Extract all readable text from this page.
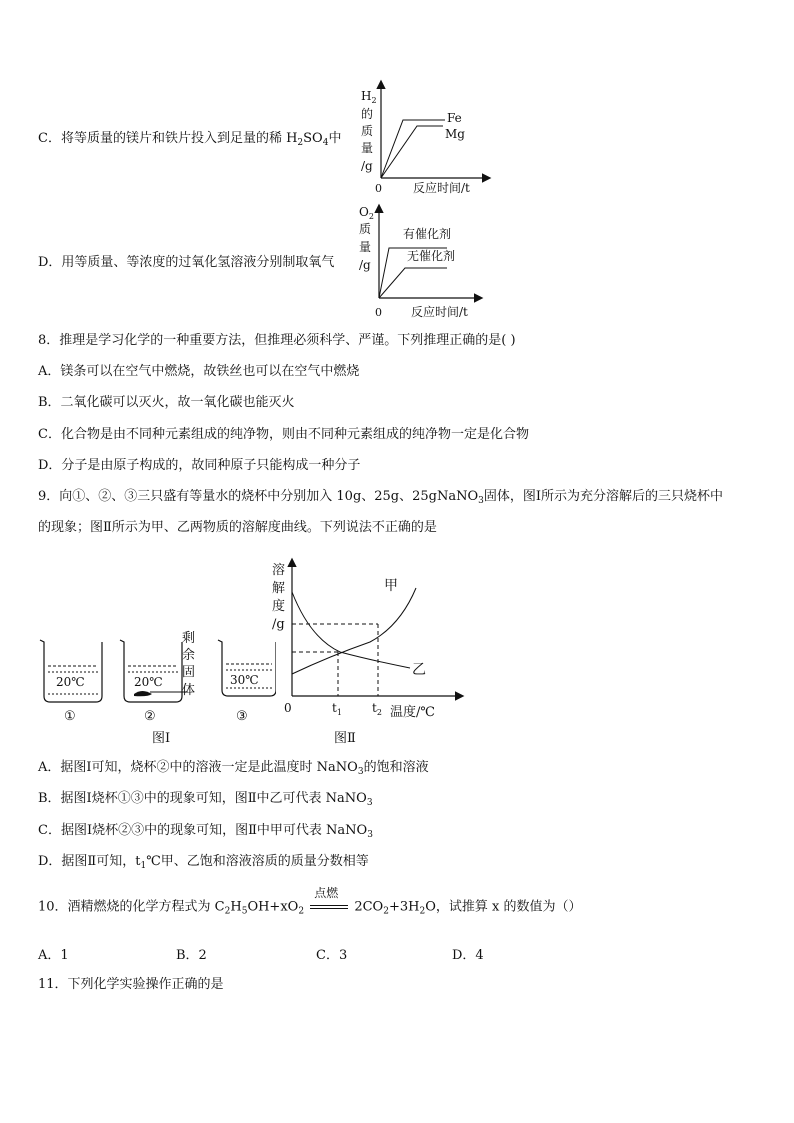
C．将等质量的镁片和铁片投入到足量的稀 $H_2SO_4$中
$H_2$
的
质
量
/g
0	反应时间/t
Fe
Mg
D．用等质量、等浓度的过氧化氢溶液分别制取氧气
$O_2$
质
量
/g
0 反应时间/t
有催化剂
无催化剂
8．推理是学习化学的一种重要方法，但推理必须科学、严谨。下列推理正确的是( )
A．镁条可以在空气中燃烧，故铁丝也可以在空气中燃烧
B．二氧化碳可以灭火，故一氧化碳也能灭火
C．化合物是由不同种元素组成的纯净物，则由不同种元素组成的纯净物一定是化合物
D．分子是由原子构成的，故同种原子只能构成一种分子
9．向①、②、③三只盛有等量水的烧杯中分别加入 10g、25g、25gNaNO$_3$固体，图Ⅰ所示为充分溶解后的三只烧杯中
的现象；图Ⅱ所示为甲、乙两物质的溶解度曲线。下列说法不正确的是
20℃
①
20℃
②
剩
余
固
体
30℃
③
图Ⅰ
溶
解
度
/g
甲
乙
0	$t_1$	$t_2$ 温度/℃
图Ⅱ
A．据图Ⅰ可知，烧杯②中的溶液一定是此温度时 NaNO$_3$的饱和溶液
B．据图Ⅰ烧杯①③中的现象可知，图Ⅱ中乙可代表 NaNO$_3$
C．据图Ⅰ烧杯②③中的现象可知，图Ⅱ中甲可代表 NaNO$_3$
D．据图Ⅱ可知，$t_1℃$甲、乙饱和溶液溶质的质量分数相等
10．酒精燃烧的化学方程式为 $C_2H_5OH+xO_2$
点燃
$2CO_2+3H_2O$，试推算 x 的数值为（）
A．1	B．2	C．3	D．4
11．下列化学实验操作正确的是
